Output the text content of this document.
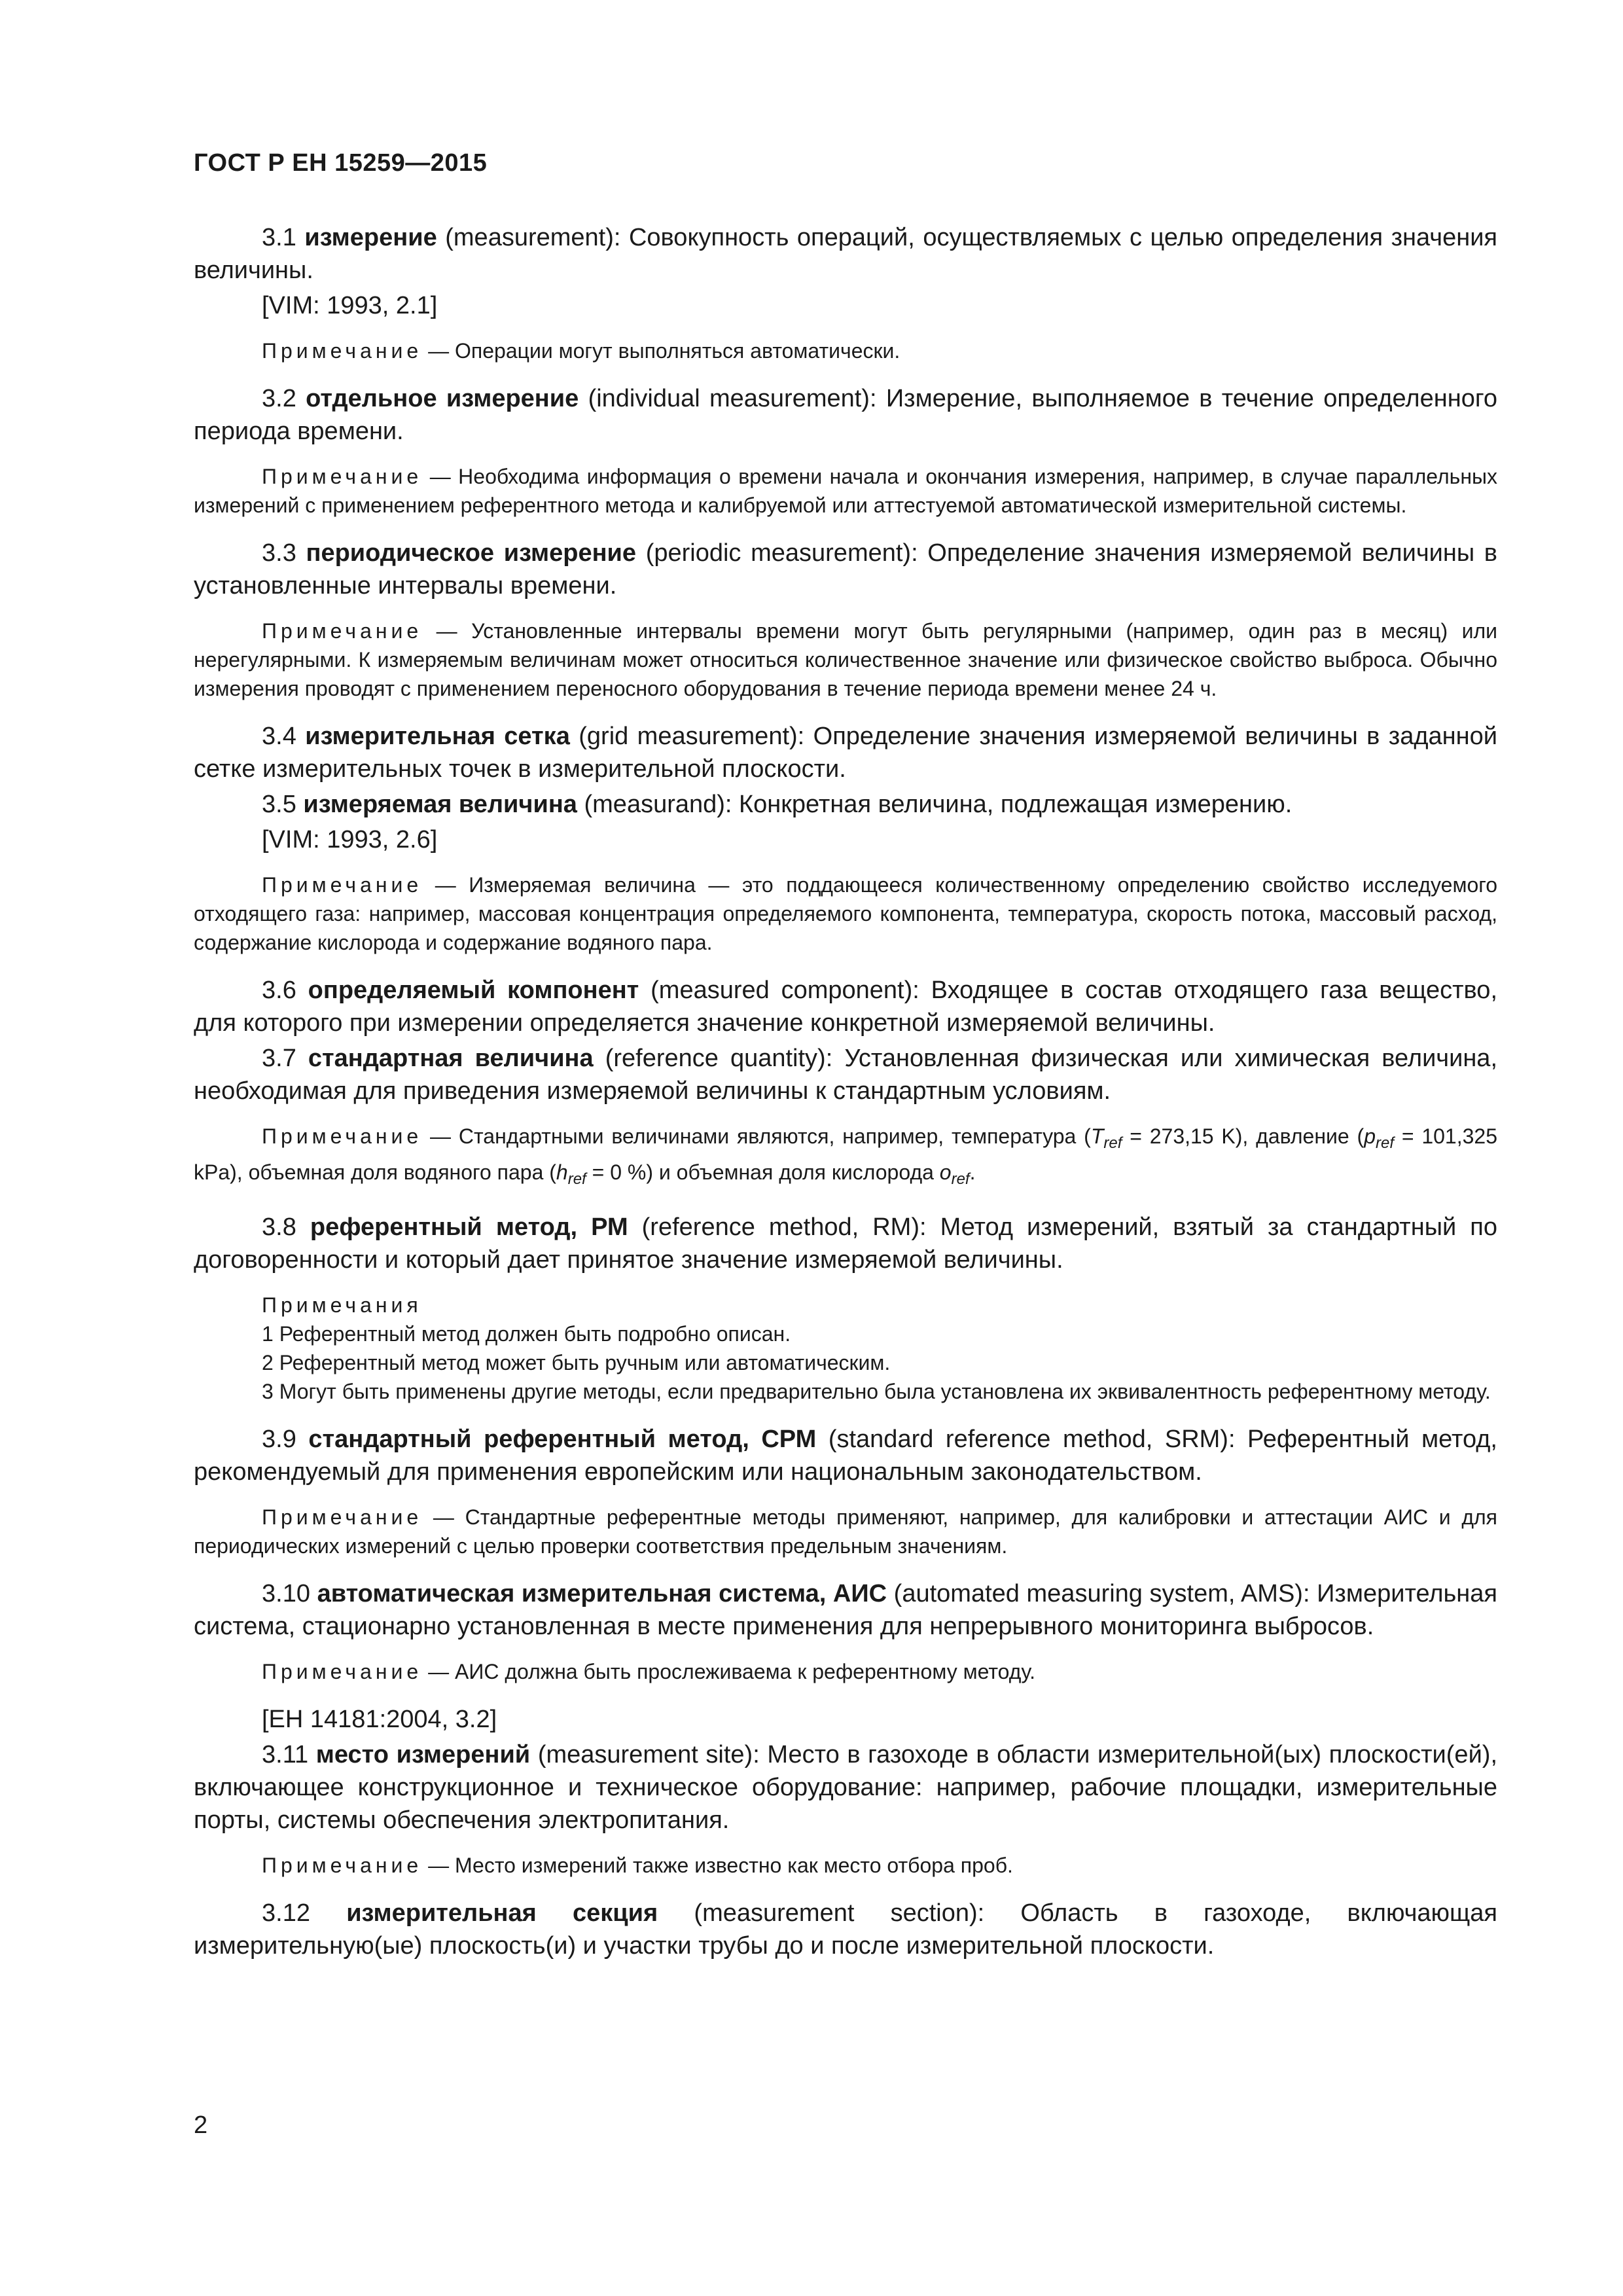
ГОСТ Р ЕН 15259—2015

3.1 измерение (measurement): Совокупность операций, осуществляемых с целью определения значения величины.

[VIM: 1993, 2.1]

Примечание — Операции могут выполняться автоматически.

3.2 отдельное измерение (individual measurement): Измерение, выполняемое в течение определенного периода времени.

Примечание — Необходима информация о времени начала и окончания измерения, например, в случае параллельных измерений с применением референтного метода и калибруемой или аттестуемой автоматической измерительной системы.

3.3 периодическое измерение (periodic measurement): Определение значения измеряемой величины в установленные интервалы времени.

Примечание — Установленные интервалы времени могут быть регулярными (например, один раз в месяц) или нерегулярными. К измеряемым величинам может относиться количественное значение или физическое свойство выброса. Обычно измерения проводят с применением переносного оборудования в течение периода времени менее 24 ч.

3.4 измерительная сетка (grid measurement): Определение значения измеряемой величины в заданной сетке измерительных точек в измерительной плоскости.

3.5 измеряемая величина (measurand): Конкретная величина, подлежащая измерению.

[VIM: 1993, 2.6]

Примечание — Измеряемая величина — это поддающееся количественному определению свойство исследуемого отходящего газа: например, массовая концентрация определяемого компонента, температура, скорость потока, массовый расход, содержание кислорода и содержание водяного пара.

3.6 определяемый компонент (measured component): Входящее в состав отходящего газа вещество, для которого при измерении определяется значение конкретной измеряемой величины.

3.7 стандартная величина (reference quantity): Установленная физическая или химическая величина, необходимая для приведения измеряемой величины к стандартным условиям.

Примечание — Стандартными величинами являются, например, температура ($T_{ref} = 273,15$ K), давление ($p_{ref} = 101,325$ kPa), объемная доля водяного пара ($h_{ref} = 0$ %) и объемная доля кислорода $o_{ref}$.

3.8 референтный метод, РМ (reference method, RM): Метод измерений, взятый за стандартный по договоренности и который дает принятое значение измеряемой величины.

Примечания
1 Референтный метод должен быть подробно описан.
2 Референтный метод может быть ручным или автоматическим.
3 Могут быть применены другие методы, если предварительно была установлена их эквивалентность референтному методу.

3.9 стандартный референтный метод, СРМ (standard reference method, SRM): Референтный метод, рекомендуемый для применения европейским или национальным законодательством.

Примечание — Стандартные референтные методы применяют, например, для калибровки и аттестации АИС и для периодических измерений с целью проверки соответствия предельным значениям.

3.10 автоматическая измерительная система, АИС (automated measuring system, AMS): Измерительная система, стационарно установленная в месте применения для непрерывного мониторинга выбросов.

Примечание — АИС должна быть прослеживаема к референтному методу.

[ЕН 14181:2004, 3.2]

3.11 место измерений (measurement site): Место в газоходе в области измерительной(ых) плоскости(ей), включающее конструкционное и техническое оборудование: например, рабочие площадки, измерительные порты, системы обеспечения электропитания.

Примечание — Место измерений также известно как место отбора проб.

3.12 измерительная секция (measurement section): Область в газоходе, включающая измерительную(ые) плоскость(и) и участки трубы до и после измерительной плоскости.

2
